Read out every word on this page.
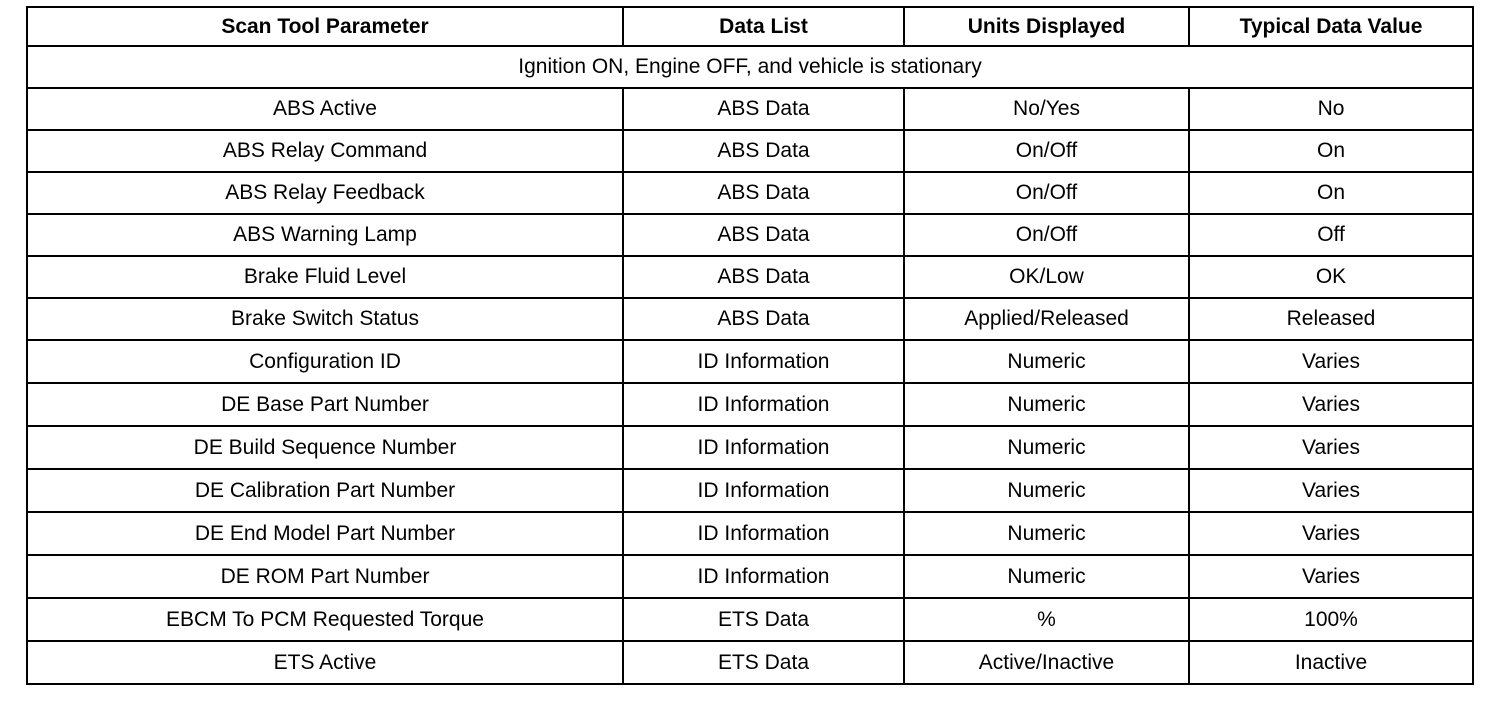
Scan Tool Parameter	Data List	Units Displayed	Typical Data Value
Ignition ON, Engine OFF, and vehicle is stationary			
ABS Active	ABS Data	No/Yes	No
ABS Relay Command	ABS Data	On/Off	On
ABS Relay Feedback	ABS Data	On/Off	On
ABS Warning Lamp	ABS Data	On/Off	Off
Brake Fluid Level	ABS Data	OK/Low	OK
Brake Switch Status	ABS Data	Applied/Released	Released
Configuration ID	ID Information	Numeric	Varies
DE Base Part Number	ID Information	Numeric	Varies
DE Build Sequence Number	ID Information	Numeric	Varies
DE Calibration Part Number	ID Information	Numeric	Varies
DE End Model Part Number	ID Information	Numeric	Varies
DE ROM Part Number	ID Information	Numeric	Varies
EBCM To PCM Requested Torque	ETS Data	%	100%
ETS Active	ETS Data	Active/Inactive	Inactive
